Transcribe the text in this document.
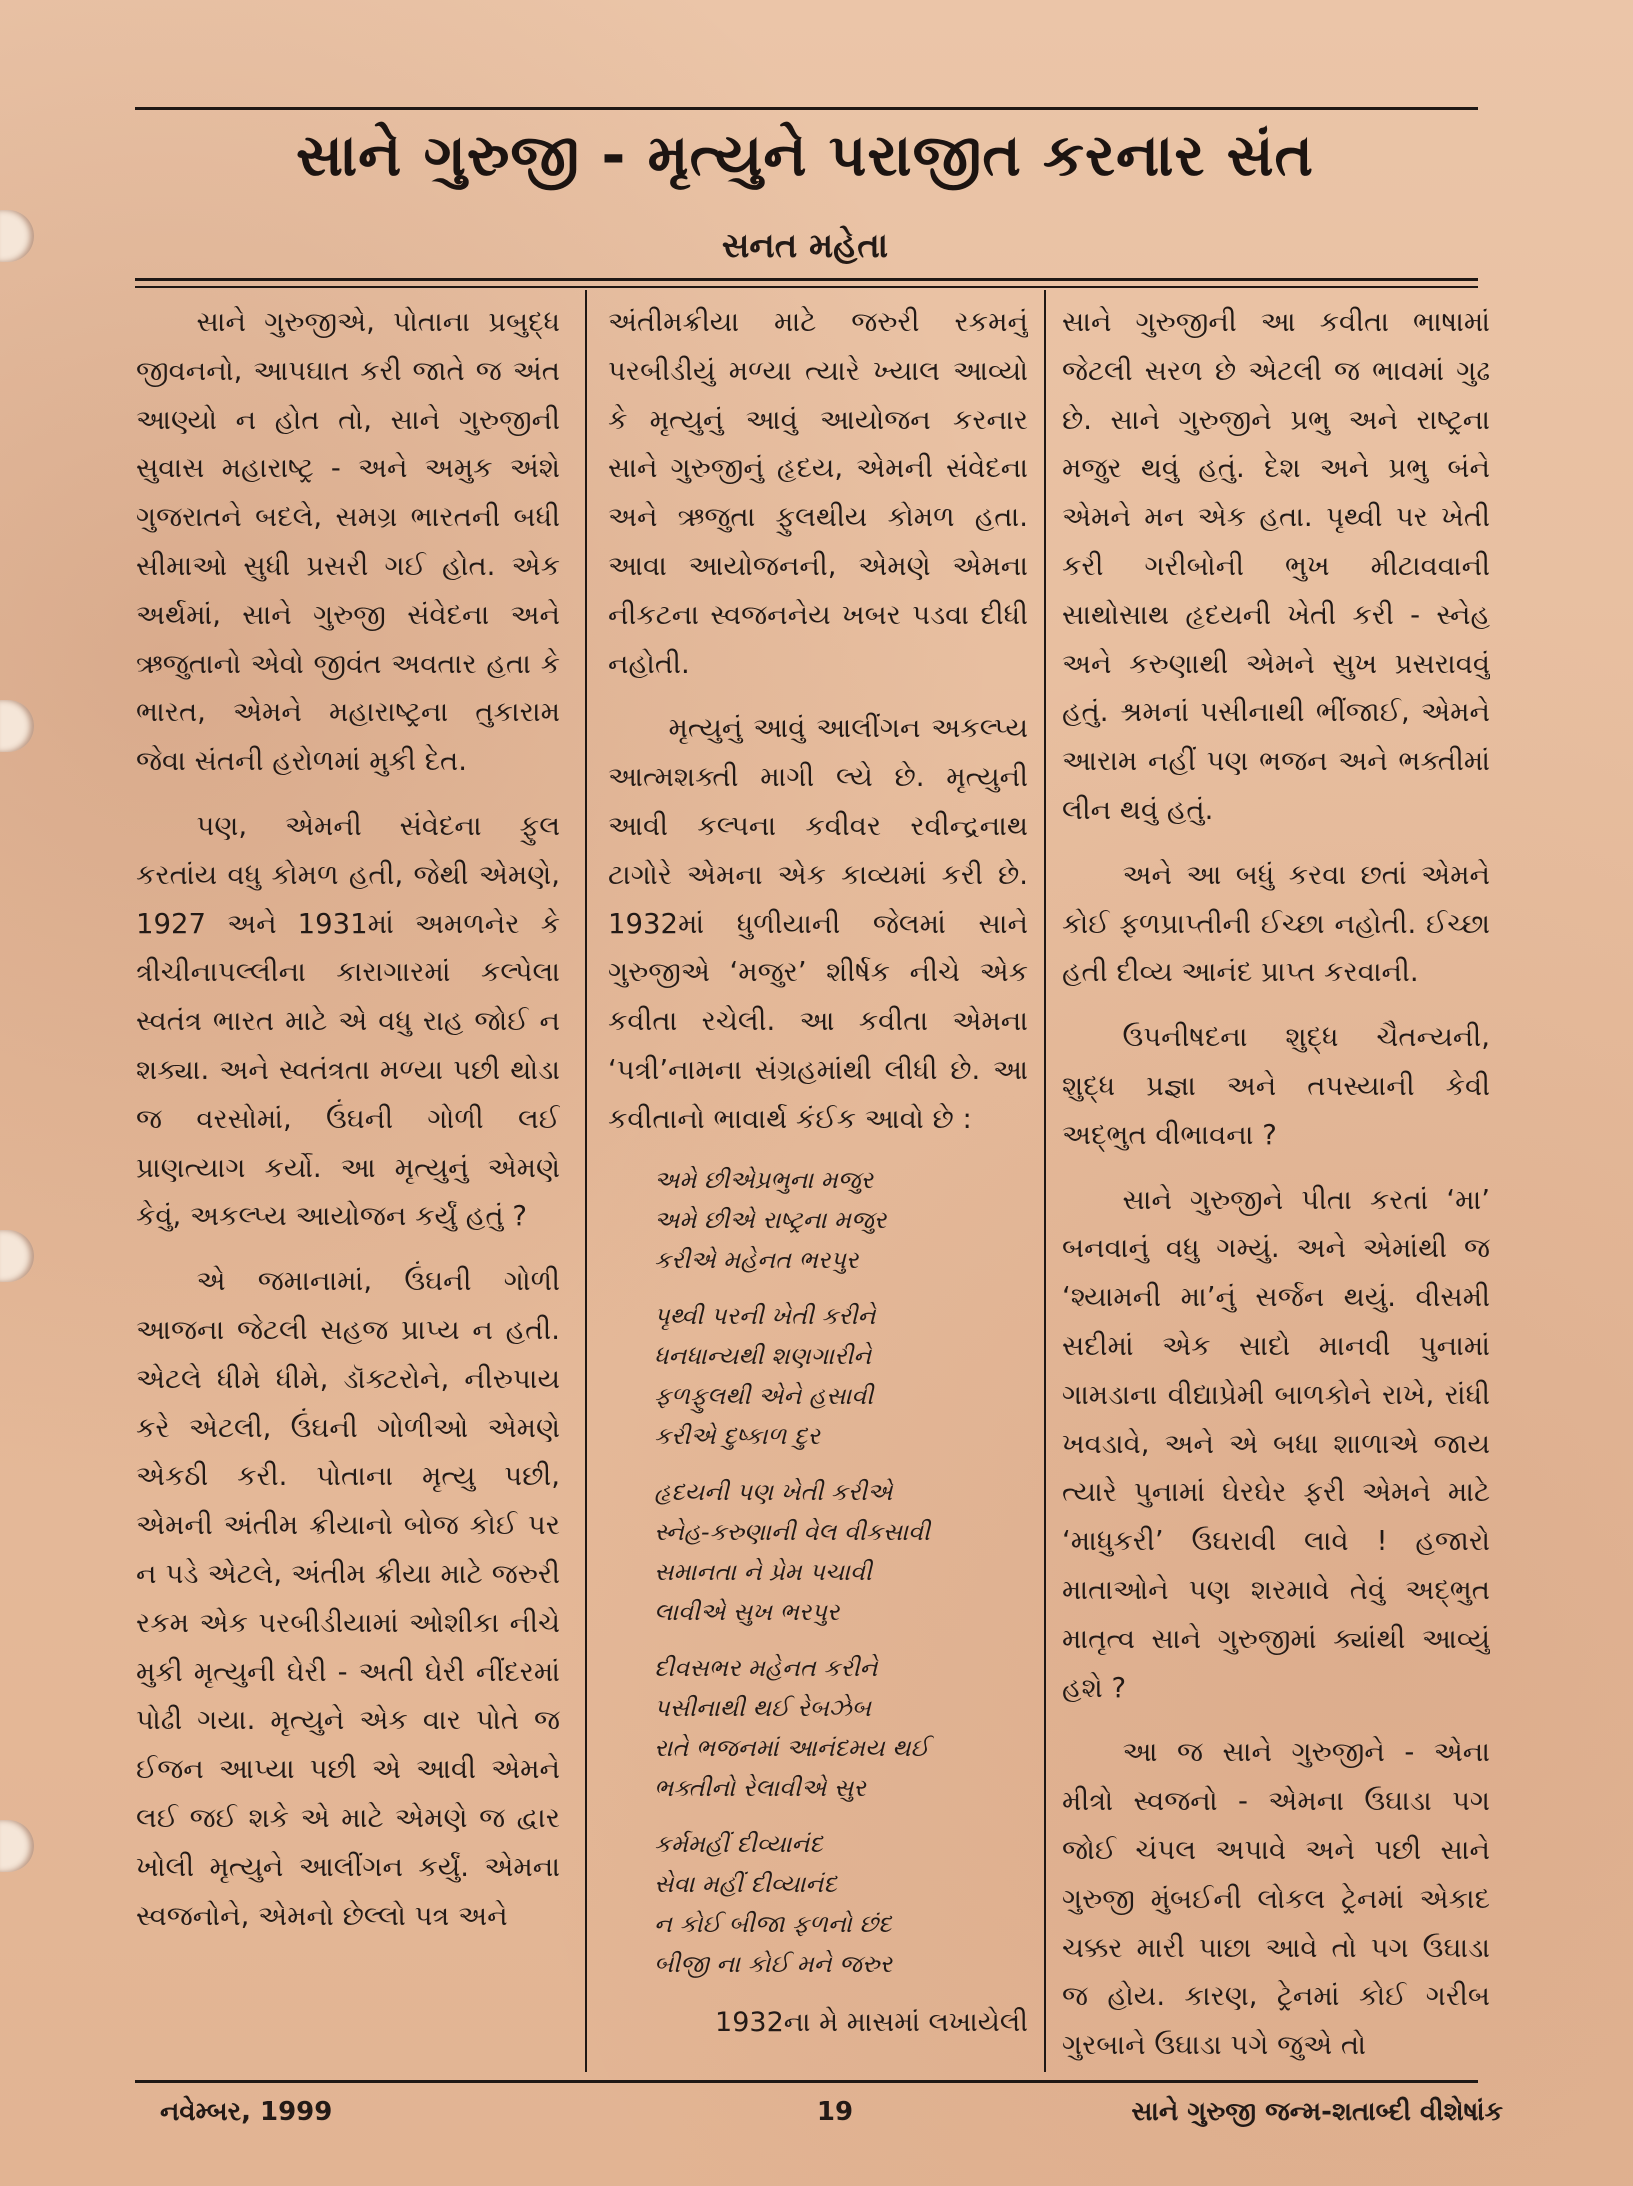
સાને ગુરુજી - મૃત્યુને પરાજીત કરનાર સંત
સનત મહેતા

સાને ગુરુજીએ, પોતાના પ્રબુદ્ધ જીવનનો, આપઘાત કરી જાતે જ અંત આણ્યો ન હોત તો, સાને ગુરુજીની સુવાસ મહારાષ્ટ્ર - અને અમુક અંશે ગુજરાતને બદલે, સમગ્ર ભારતની બધી સીમાઓ સુધી પ્રસરી ગઈ હોત. એક અર્થમાં, સાને ગુરુજી સંવેદના અને ઋજુતાનો એવો જીવંત અવતાર હતા કે ભારત, એમને મહારાષ્ટ્રના તુકારામ જેવા સંતની હરોળમાં મુકી દેત.

પણ, એમની સંવેદના ફુલ કરતાંય વધુ કોમળ હતી, જેથી એમણે, 1927 અને 1931માં અમળનેર કે ત્રીચીનાપલ્લીના કારાગારમાં કલ્પેલા સ્વતંત્ર ભારત માટે એ વધુ રાહ જોઈ ન શક્યા. અને સ્વતંત્રતા મળ્યા પછી થોડા જ વરસોમાં, ઉંઘની ગોળી લઈ પ્રાણત્યાગ કર્યો. આ મૃત્યુનું એમણે કેવું, અકલ્પ્ય આયોજન કર્યું હતું ?

એ જમાનામાં, ઉંઘની ગોળી આજના જેટલી સહજ પ્રાપ્ય ન હતી. એટલે ધીમે ધીમે, ડૉક્ટરોને, નીરુપાય કરે એટલી, ઉંઘની ગોળીઓ એમણે એકઠી કરી. પોતાના મૃત્યુ પછી, એમની અંતીમ ક્રીયાનો બોજ કોઈ પર ન પડે એટલે, અંતીમ ક્રીયા માટે જરુરી રકમ એક પરબીડીયામાં ઓશીકા નીચે મુકી મૃત્યુની ઘેરી - અતી ઘેરી નીંદરમાં પોઢી ગયા. મૃત્યુને એક વાર પોતે જ ઈજન આપ્યા પછી એ આવી એમને લઈ જઈ શકે એ માટે એમણે જ દ્વાર ખોલી મૃત્યુને આલીંગન કર્યું. એમના સ્વજનોને, એમનો છેલ્લો પત્ર અને

અંતીમક્રીયા માટે જરુરી રકમનું પરબીડીયું મળ્યા ત્યારે ખ્યાલ આવ્યો કે મૃત્યુનું આવું આયોજન કરનાર સાને ગુરુજીનું હૃદય, એમની સંવેદના અને ઋજુતા ફુલથીય કોમળ હતા. આવા આયોજનની, એમણે એમના નીકટના સ્વજનનેય ખબર પડવા દીધી નહોતી.

મૃત્યુનું આવું આલીંગન અકલ્પ્ય આત્મશક્તી માગી લ્યે છે. મૃત્યુની આવી કલ્પના કવીવર રવીન્દ્રનાથ ટાગોરે એમના એક કાવ્યમાં કરી છે. 1932માં ધુળીયાની જેલમાં સાને ગુરુજીએ ‘મજુર’ શીર્ષક નીચે એક કવીતા રચેલી. આ કવીતા એમના ‘પત્રી’નામના સંગ્રહમાંથી લીધી છે. આ કવીતાનો ભાવાર્થ કંઈક આવો છે :

અમે છીએપ્રભુના મજુર
અમે છીએ રાષ્ટ્રના મજુર
કરીએ મહેનત ભરપુર
પૃથ્વી પરની ખેતી કરીને
ધનધાન્યથી શણગારીને
ફળફુલથી એને હસાવી
કરીએ દુષ્કાળ દુર
હૃદયની પણ ખેતી કરીએ
સ્નેહ-કરુણાની વેલ વીકસાવી
સમાનતા ને પ્રેમ પચાવી
લાવીએ સુખ ભરપુર
દીવસભર મહેનત કરીને
પસીનાથી થઈ રેબઝેબ
રાતે ભજનમાં આનંદમય થઈ
ભક્તીનો રેલાવીએ સુર
કર્મમહીં દીવ્યાનંદ
સેવા મહીં દીવ્યાનંદ
ન કોઈ બીજા ફળનો છંદ
બીજી ના કોઈ મને જરુર

1932ના મે માસમાં લખાયેલી

સાને ગુરુજીની આ કવીતા ભાષામાં જેટલી સરળ છે એટલી જ ભાવમાં ગુઢ છે. સાને ગુરુજીને પ્રભુ અને રાષ્ટ્રના મજુર થવું હતું. દેશ અને પ્રભુ બંને એમને મન એક હતા. પૃથ્વી પર ખેતી કરી ગરીબોની ભુખ મીટાવવાની સાથોસાથ હૃદયની ખેતી કરી - સ્નેહ અને કરુણાથી એમને સુખ પ્રસરાવવું હતું. શ્રમનાં પસીનાથી ભીંજાઈ, એમને આરામ નહીં પણ ભજન અને ભક્તીમાં લીન થવું હતું.

અને આ બધું કરવા છતાં એમને કોઈ ફળપ્રાપ્તીની ઈચ્છા નહોતી. ઈચ્છા હતી દીવ્ય આનંદ પ્રાપ્ત કરવાની.

ઉપનીષદના શુદ્ધ ચૈતન્યની, શુદ્ધ પ્રજ્ઞા અને તપસ્યાની કેવી અદ્ભુત વીભાવના ?

સાને ગુરુજીને પીતા કરતાં ‘મા’ બનવાનું વધુ ગમ્યું. અને એમાંથી જ ‘શ્યામની મા’નું સર્જન થયું. વીસમી સદીમાં એક સાદો માનવી પુનામાં ગામડાના વીદ્યાપ્રેમી બાળકોને રાખે, રાંધી ખવડાવે, અને એ બધા શાળાએ જાય ત્યારે પુનામાં ઘેરઘેર ફરી એમને માટે ‘માધુકરી’ ઉઘરાવી લાવે ! હજારો માતાઓને પણ શરમાવે તેવું અદ્ભુત માતૃત્વ સાને ગુરુજીમાં ક્યાંથી આવ્યું હશે ?

આ જ સાને ગુરુજીને - એના મીત્રો સ્વજનો - એમના ઉઘાડા પગ જોઈ ચંપલ અપાવે અને પછી સાને ગુરુજી મુંબઈની લોકલ ટ્રેનમાં એકાદ ચક્કર મારી પાછા આવે તો પગ ઉઘાડા જ હોય. કારણ, ટ્રેનમાં કોઈ ગરીબ ગુરબાને ઉઘાડા પગે જુએ તો

નવેમ્બર, 1999	19	સાને ગુરુજી જન્મ-શતાબ્દી વીશેષાંક
